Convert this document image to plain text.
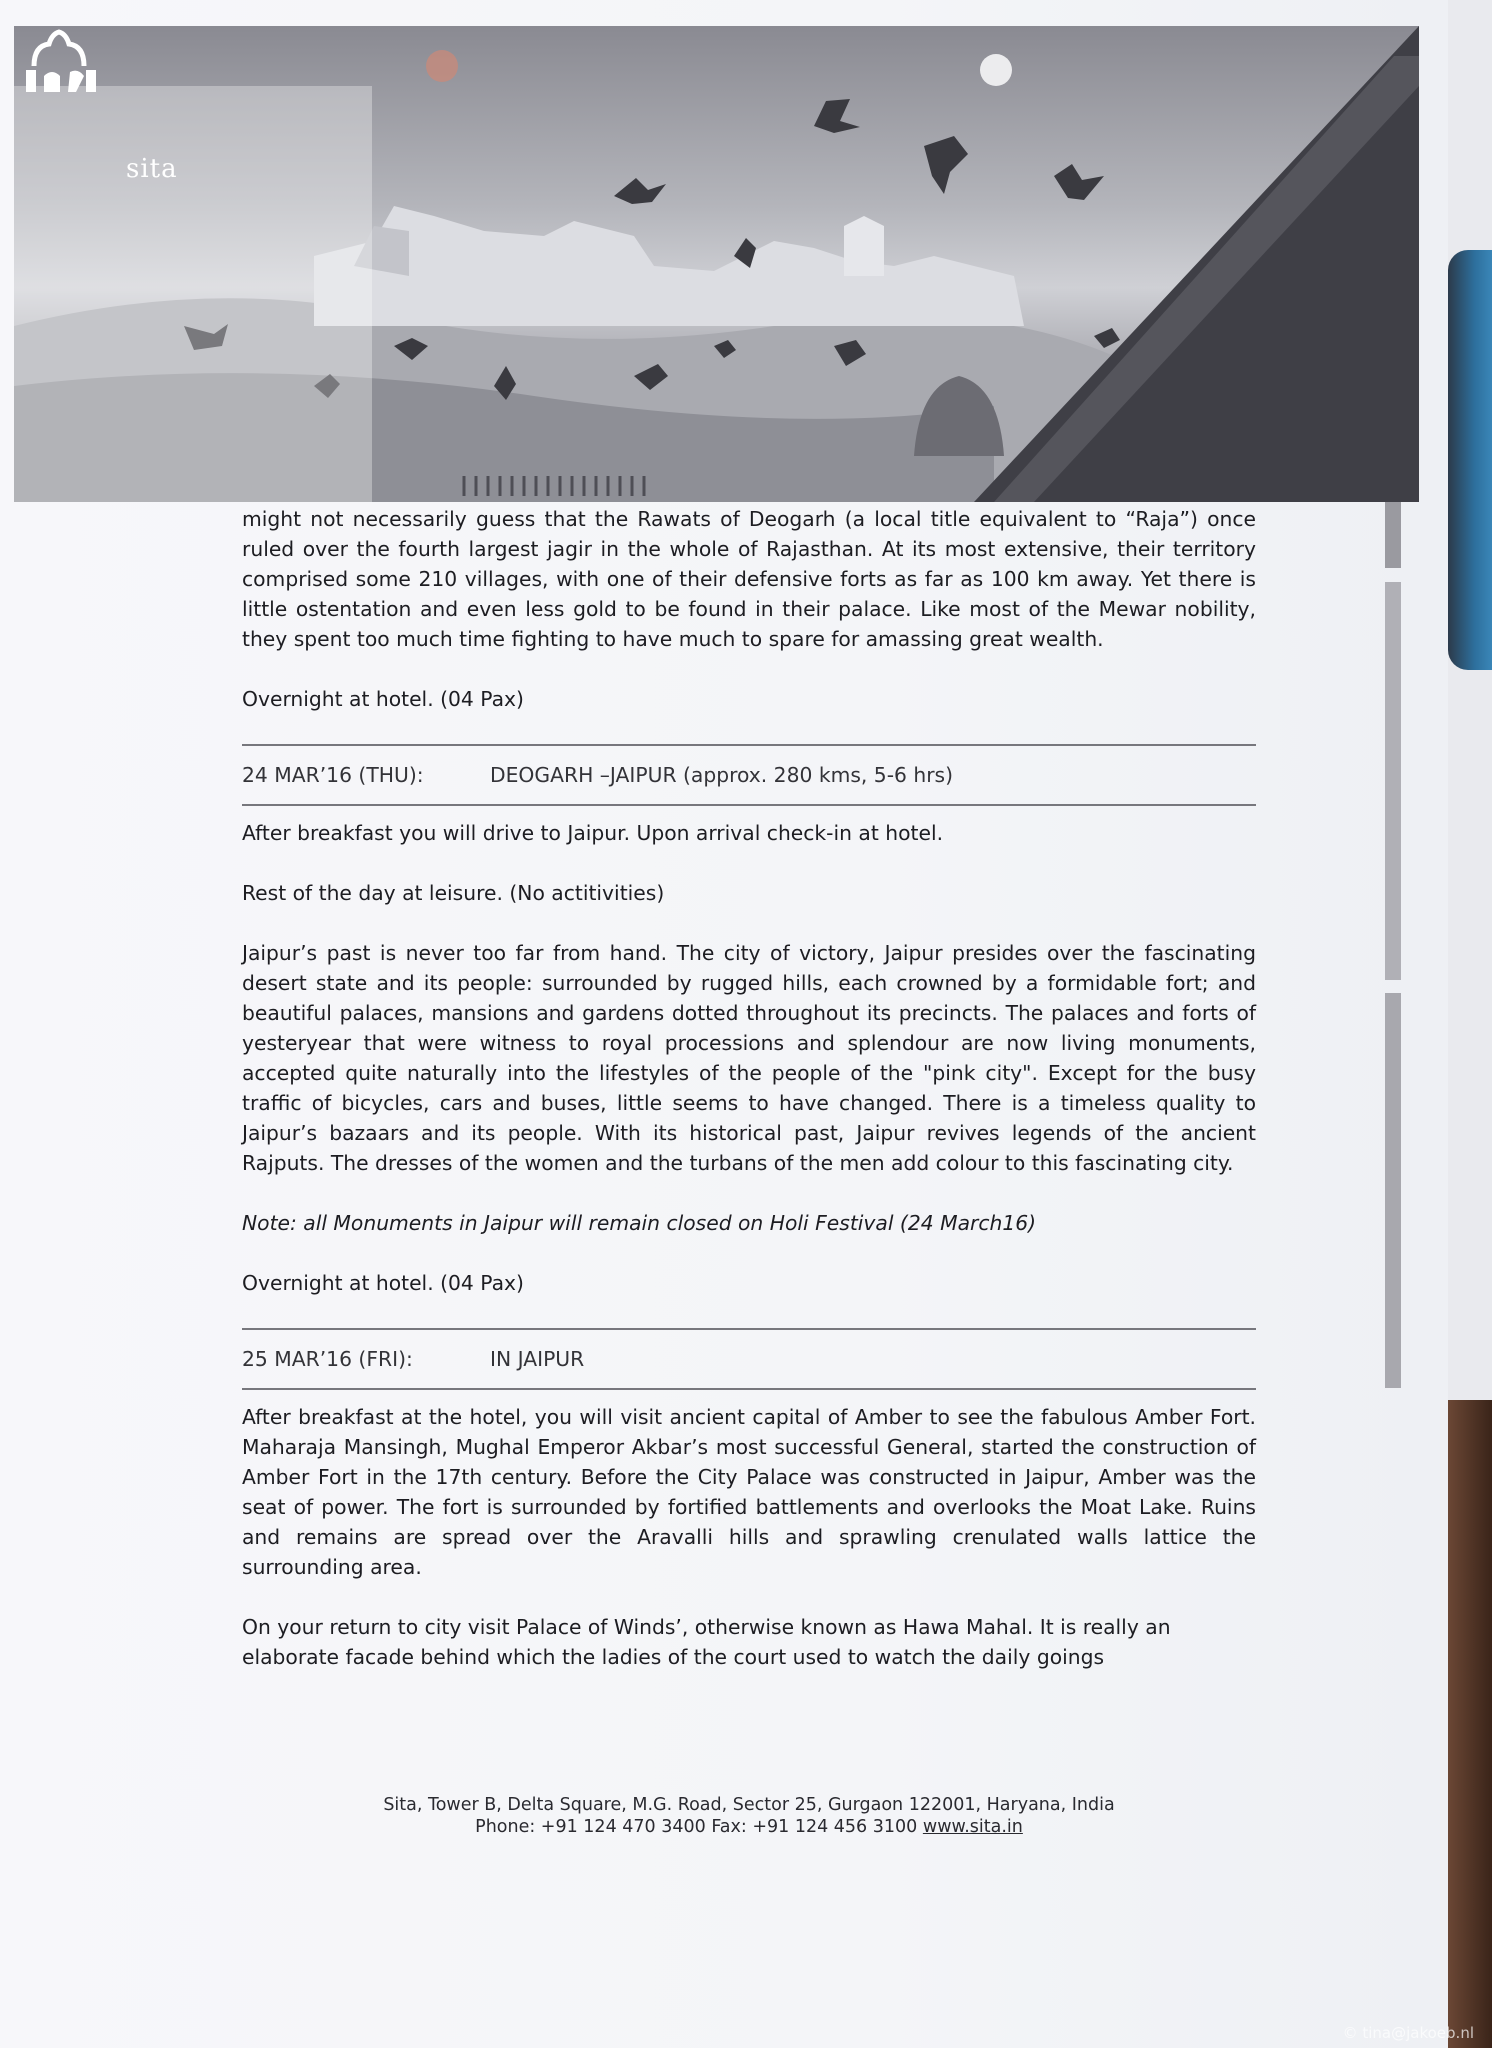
sita

might not necessarily guess that the Rawats of Deogarh (a local title equivalent to “Raja”) once ruled over the fourth largest jagir in the whole of Rajasthan. At its most extensive, their territory comprised some 210 villages, with one of their defensive forts as far as 100 km away. Yet there is little ostentation and even less gold to be found in their palace. Like most of the Mewar nobility, they spent too much time fighting to have much to spare for amassing great wealth.

Overnight at hotel. (04 Pax)

24 MAR’16 (THU):	DEOGARH –JAIPUR (approx. 280 kms, 5-6 hrs)

After breakfast you will drive to Jaipur. Upon arrival check-in at hotel.

Rest of the day at leisure. (No actitivities)

Jaipur’s past is never too far from hand. The city of victory, Jaipur presides over the fascinating desert state and its people: surrounded by rugged hills, each crowned by a formidable fort; and beautiful palaces, mansions and gardens dotted throughout its precincts. The palaces and forts of yesteryear that were witness to royal processions and splendour are now living monuments, accepted quite naturally into the lifestyles of the people of the "pink city". Except for the busy traffic of bicycles, cars and buses, little seems to have changed. There is a timeless quality to Jaipur’s bazaars and its people. With its historical past, Jaipur revives legends of the ancient Rajputs. The dresses of the women and the turbans of the men add colour to this fascinating city.

Note: all Monuments in Jaipur will remain closed on Holi Festival (24 March16)

Overnight at hotel. (04 Pax)

25 MAR’16 (FRI):	IN JAIPUR

After breakfast at the hotel, you will visit ancient capital of Amber to see the fabulous Amber Fort. Maharaja Mansingh, Mughal Emperor Akbar’s most successful General, started the construction of Amber Fort in the 17th century. Before the City Palace was constructed in Jaipur, Amber was the seat of power. The fort is surrounded by fortified battlements and overlooks the Moat Lake. Ruins and remains are spread over the Aravalli hills and sprawling crenulated walls lattice the surrounding area.

On your return to city visit Palace of Winds’, otherwise known as Hawa Mahal. It is really an elaborate facade behind which the ladies of the court used to watch the daily goings

Sita, Tower B, Delta Square, M.G. Road, Sector 25, Gurgaon 122001, Haryana, India
Phone: +91 124 470 3400 Fax: +91 124 456 3100 www.sita.in
© tina@jakoeb.nl
